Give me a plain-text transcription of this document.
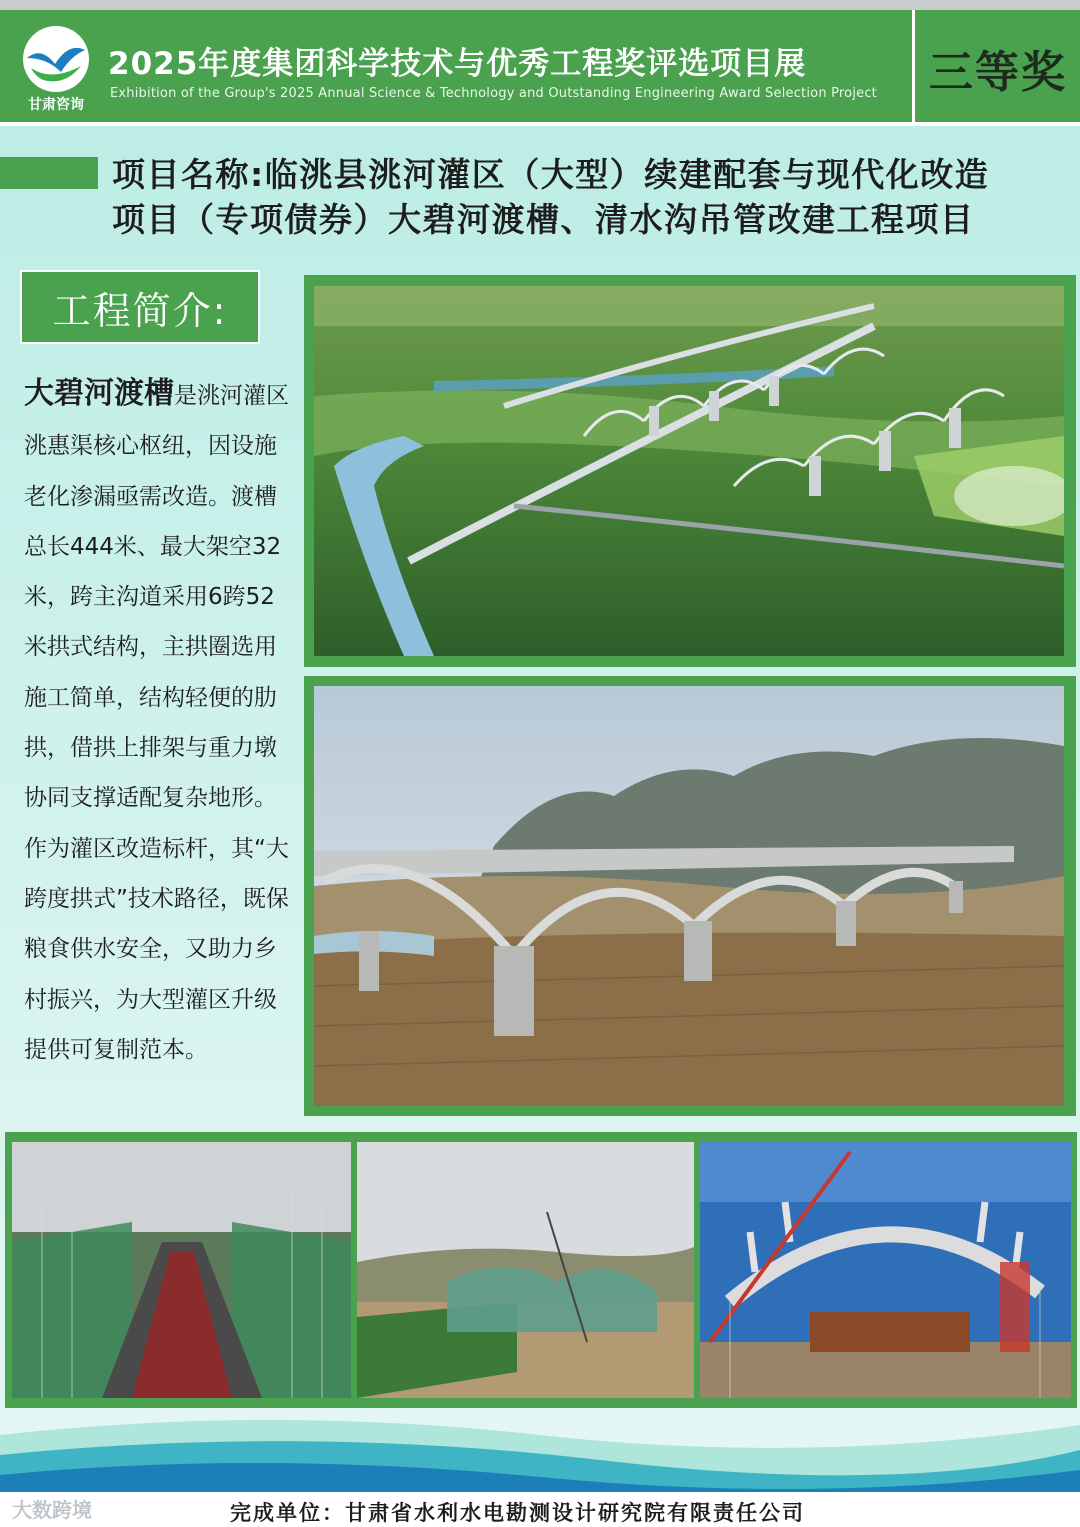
甘肃咨询
2025年度集团科学技术与优秀工程奖评选项目展
Exhibition of the Group's 2025 Annual Science & Technology and Outstanding Engineering Award Selection Project 三等奖
项目名称:临洮县洮河灌区（大型）续建配套与现代化改造
项目（专项债券）大碧河渡槽、清水沟吊管改建工程项目
工程简介:
大碧河渡槽是洮河灌区洮惠渠核心枢纽，因设施老化渗漏亟需改造。渡槽总长444米、最大架空32米，跨主沟道采用6跨52米拱式结构，主拱圈选用施工简单，结构轻便的肋拱，借拱上排架与重力墩协同支撑适配复杂地形。作为灌区改造标杆，其“大跨度拱式”技术路径，既保粮食供水安全，又助力乡村振兴，为大型灌区升级提供可复制范本。
完成单位：甘肃省水利水电勘测设计研究院有限责任公司
大数跨境
